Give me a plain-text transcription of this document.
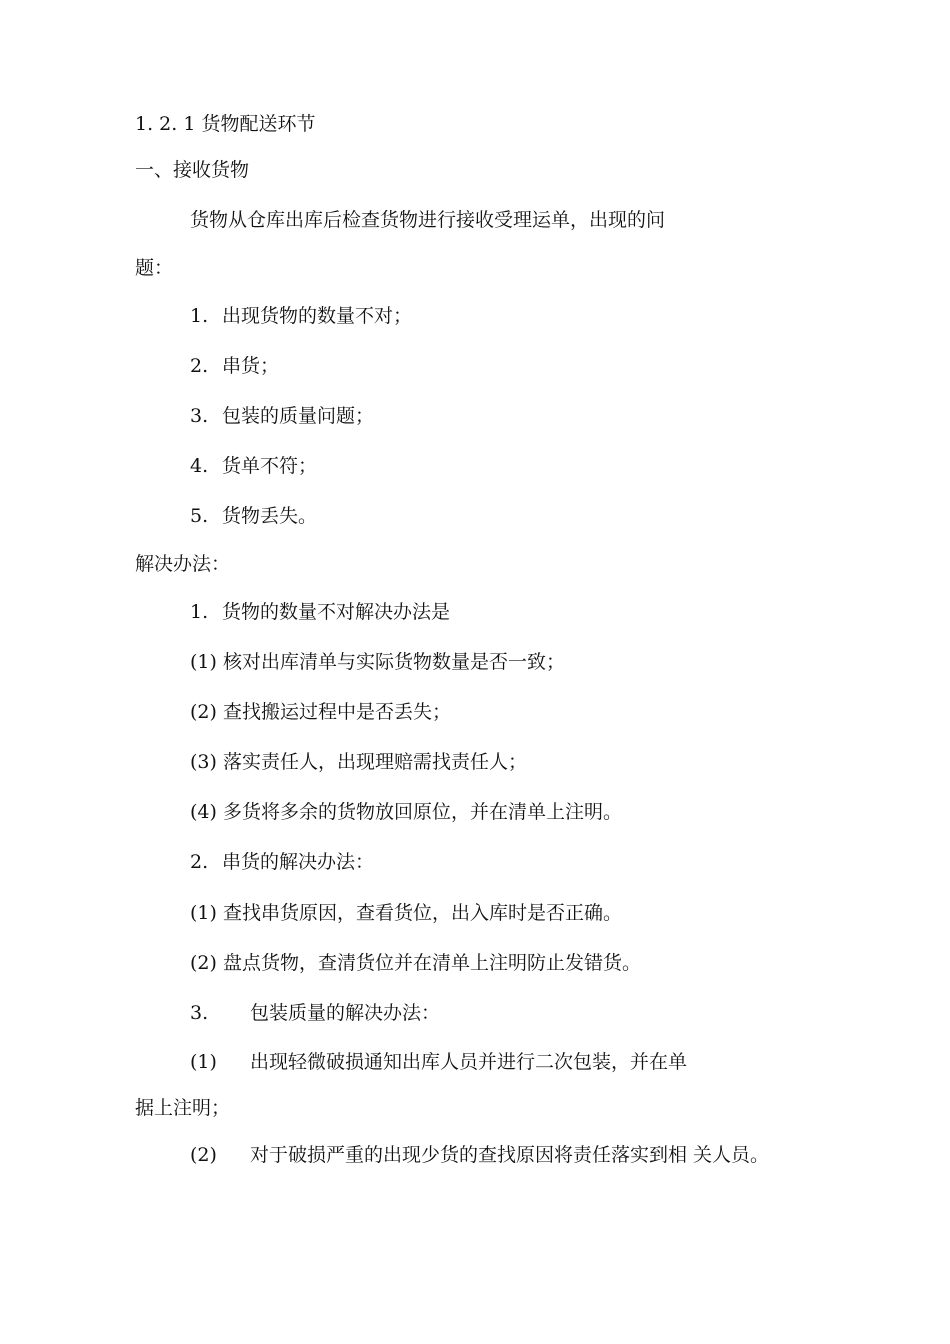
1. 2. 1 货物配送环节
一、接收货物
货物从仓库出库后检查货物进行接收受理运单，出现的问
题：
1. 出现货物的数量不对；
2. 串货；
3. 包装的质量问题；
4. 货单不符；
5. 货物丢失。
解决办法：
1. 货物的数量不对解决办法是
(1) 核对出库清单与实际货物数量是否一致；
(2) 查找搬运过程中是否丢失；
(3) 落实责任人，出现理赔需找责任人；
(4) 多货将多余的货物放回原位，并在清单上注明。
2. 串货的解决办法：
(1) 查找串货原因，查看货位，出入库时是否正确。
(2) 盘点货物，查清货位并在清单上注明防止发错货。
3. 包装质量的解决办法：
(1) 出现轻微破损通知出库人员并进行二次包装，并在单
据上注明；
(2) 对于破损严重的出现少货的查找原因将责任落实到相 关人员。
